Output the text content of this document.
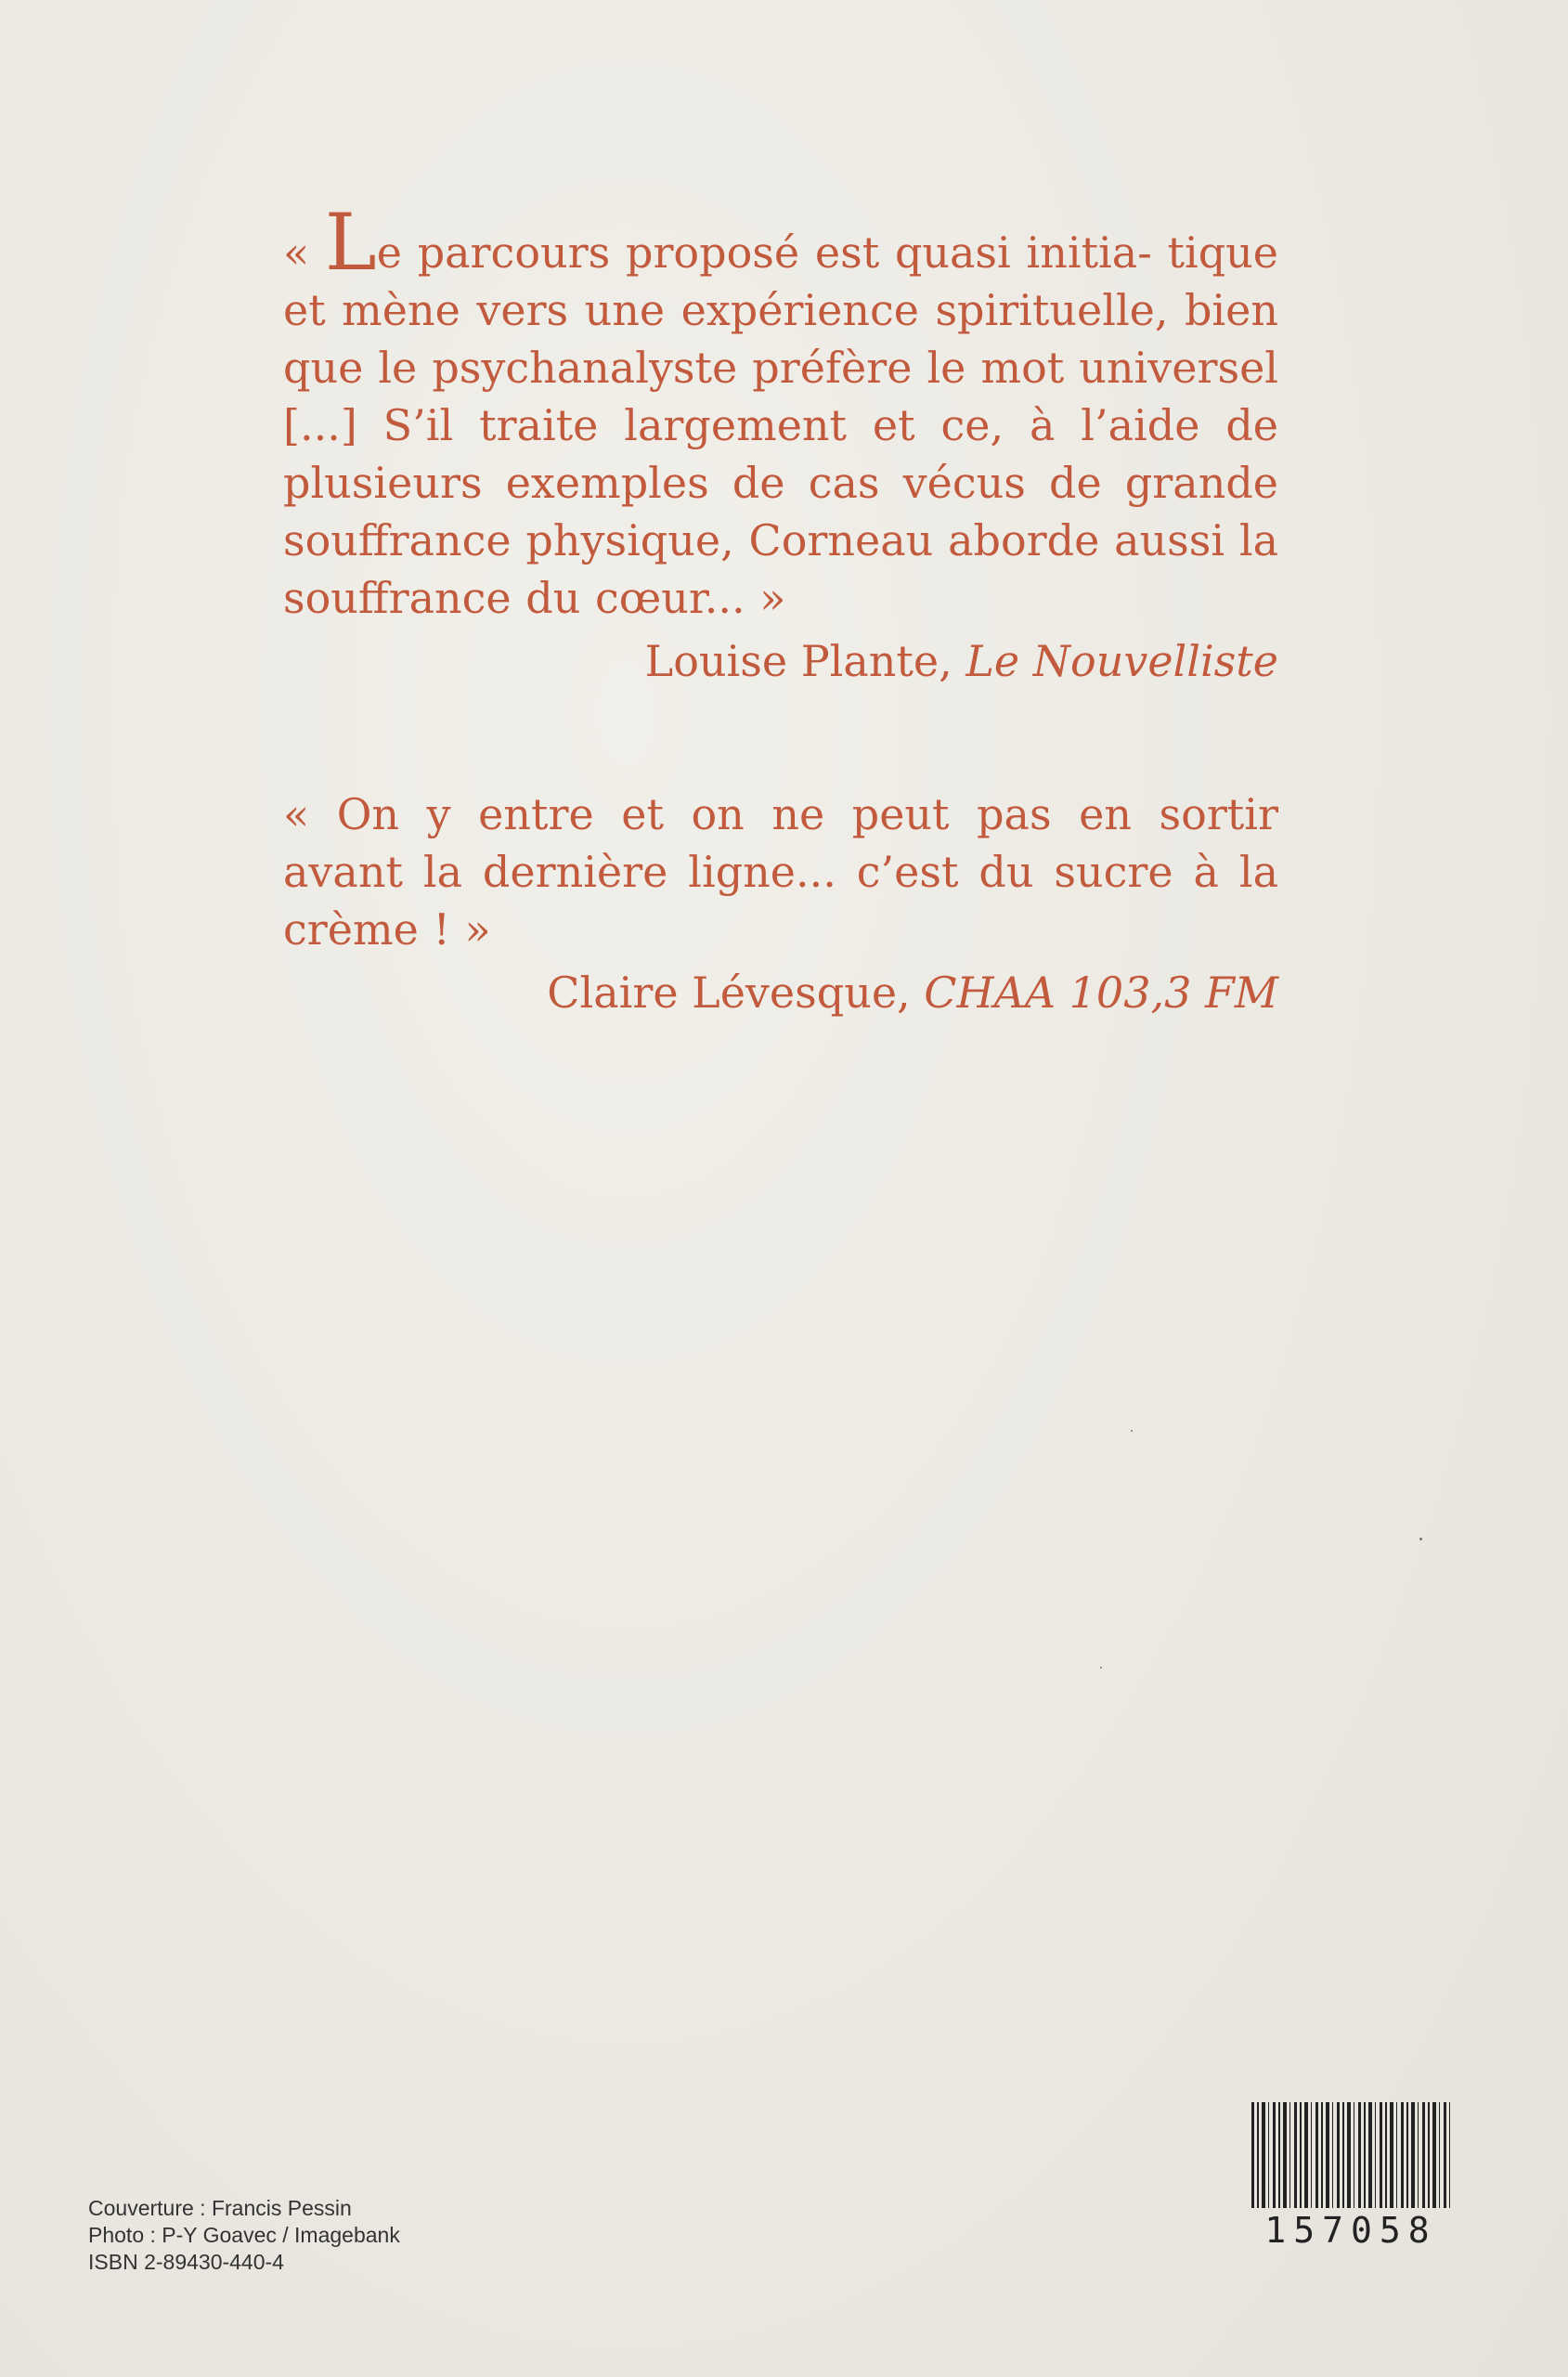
« Le parcours proposé est quasi initia- tique et mène vers une expérience spirituelle, bien que le psychanalyste préfère le mot universel [...] S’il traite largement et ce, à l’aide de plusieurs exemples de cas vécus de grande souffrance physique, Corneau aborde aussi la souffrance du cœur... »
Louise Plante, Le Nouvelliste
« On y entre et on ne peut pas en sortir avant la dernière ligne... c’est du sucre à la crème ! »
Claire Lévesque, CHAA 103,3 FM
Couverture : Francis Pessin
Photo : P-Y Goavec / Imagebank
ISBN 2-89430-440-4
157058
